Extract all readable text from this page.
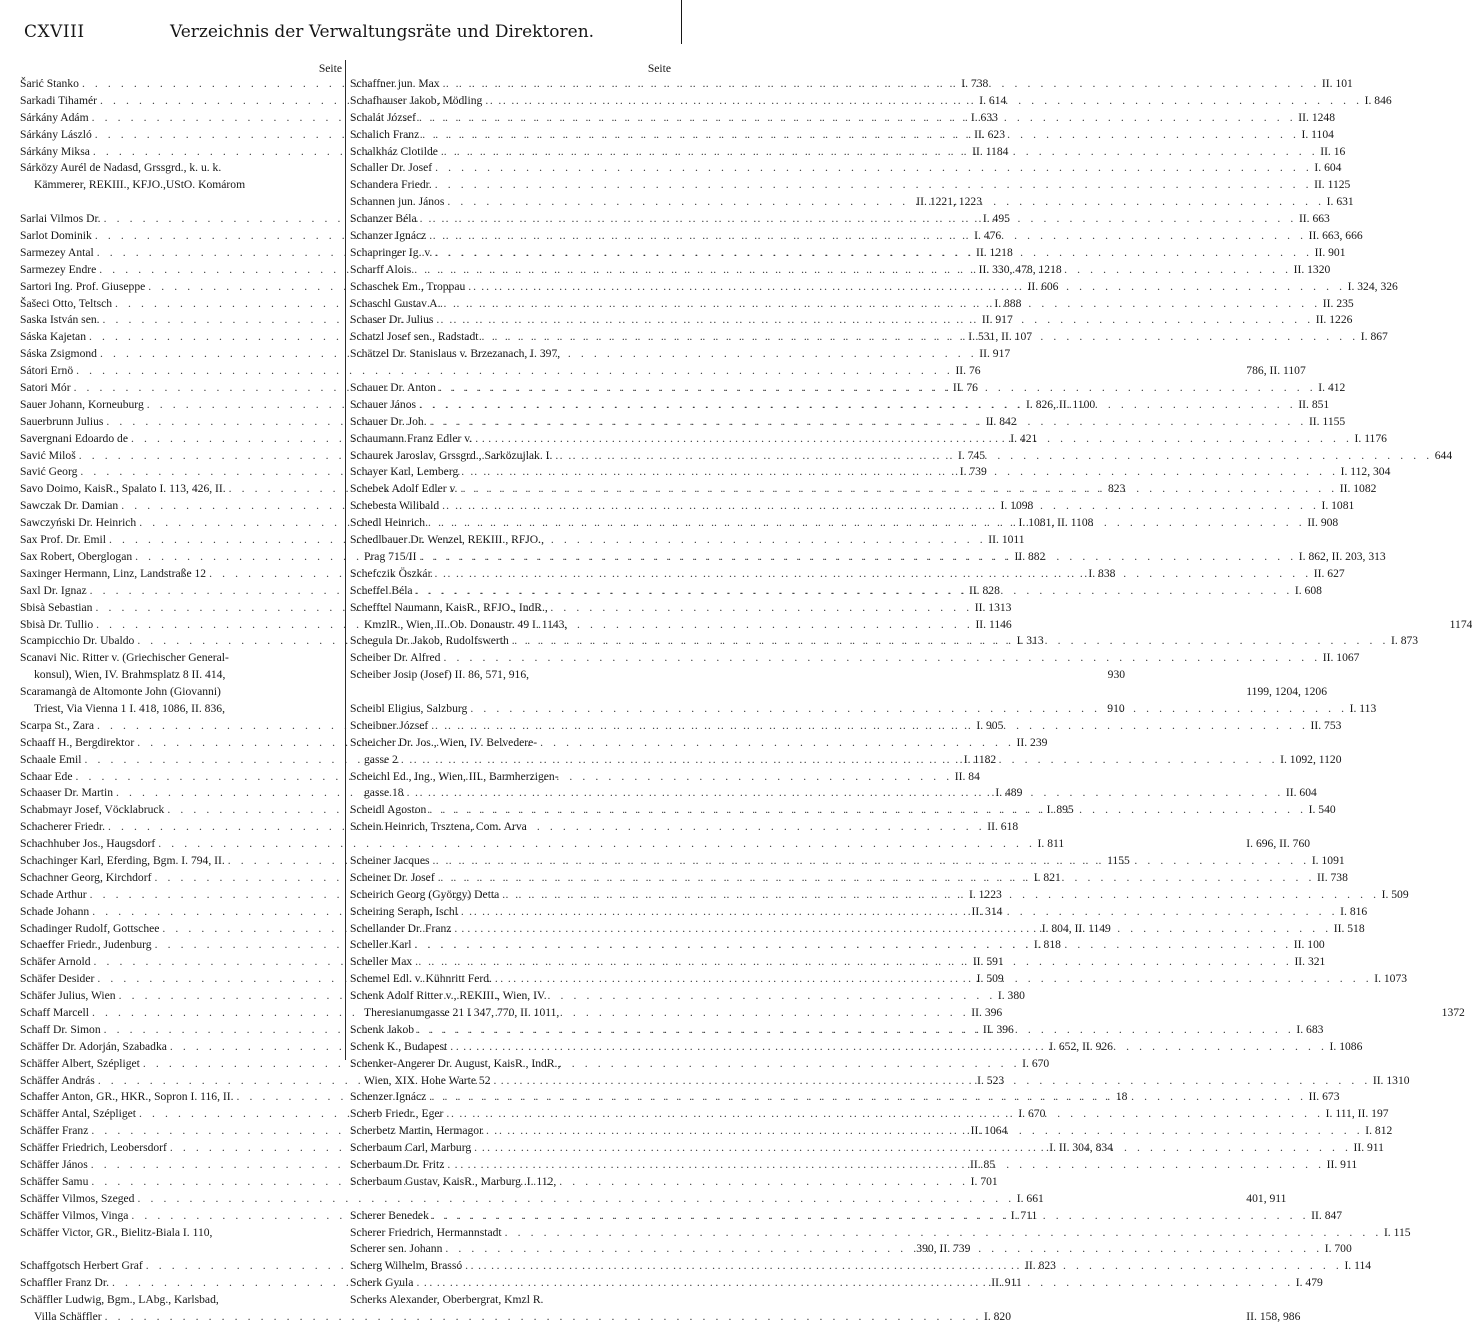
CXVIII	Verzeichnis der Verwaltungsräte und Direktoren.
Seite
Šarić Stanko . . .	I. 738
Sarkadi Tihamér . . .	I. 614
Sárkány Adám . . .	I. 633
Sárkány László . . .	II. 623
Sárkány Miksa . . .	II. 1184
Sárközy Aurél de Nadasd, Grssgrd., k. u. k.
Kämmerer, REKIII., KFJO.,UStO. Komárom
II. 1221, 1223
Sarlai Vilmos Dr. . . .	I. 495
Sarlot Dominik . . .	I. 476
Sarmezey Antal . . .	II. 1218
Sarmezey Endre . . .	II. 330, 478, 1218
Sartori Ing. Prof. Giuseppe . . .	II. 606
Šašeci Otto, Teltsch . . .	I. 888
Saska István sen. . . .	II. 917
Sáska Kajetan . . .	I. 531, II. 107
Sáska Zsigmond . . .	II. 917
Sátori Ernö . . .	II. 76
Satori Mór . . .	II. 76
Sauer Johann, Korneuburg . . .	I. 826, II. 1100
Sauerbrunn Julius . . .	II. 842
Savergnani Edoardo de . . .	I. 421
Savić Miloš . . .	I. 745
Savić Georg . . .	I. 739
Savo Doimo, KaisR., Spalato I. 113, 426, II. . . .	823
Sawczak Dr. Damian . . .	I. 1098
Sawczyński Dr. Heinrich . . .	I. 1081, II. 1108
Sax Prof. Dr. Emil . . .	II. 1011
Sax Robert, Oberglogan . . .	II. 882
Saxinger Hermann, Linz, Landstraße 12 . . .	I. 838
Saxl Dr. Ignaz . . .	II. 828
Sbisà Sebastian . . .	II. 1313
Sbisà Dr. Tullio . . .	II. 1146
Scampicchio Dr. Ubaldo . . .	I. 313
Scanavi Nic. Ritter v. (Griechischer General-
konsul), Wien, IV. Brahmsplatz 8 II. 414,	930
Scaramangà de Altomonte John (Giovanni)
Triest, Via Vienna 1 I. 418, 1086, II. 836,	910
Scarpa St., Zara . . .	I. 905
Schaaff H., Bergdirektor . . .	II. 239
Schaale Emil . . .	I. 1182
Schaar Ede . . .	II. 84
Schaaser Dr. Martin . . .	I. 489
Schabmayr Josef, Vöcklabruck . . .	I. 895
Schacherer Friedr. . . .	II. 618
Schachhuber Jos., Haugsdorf . . .	I. 811
Schachinger Karl, Eferding, Bgm. I. 794, II. . . .	1155
Schachner Georg, Kirchdorf . . .	I. 821
Schade Arthur . . .	I. 1223
Schade Johann . . .	II. 314
Schadinger Rudolf, Gottschee . . .	I. 804, II. 1149
Schaeffer Friedr., Judenburg . . .	I. 818
Schäfer Arnold . . .	II. 591
Schäfer Desider . . .	I. 509
Schäfer Julius, Wien . . .	I. 380
Schaff Marcell . . .	II. 396
Schaff Dr. Simon . . .	II. 396
Schäffer Dr. Adorján, Szabadka . . .	I. 652, II. 926
Schäffer Albert, Szépliget . . .	I. 670
Schäffer András . . .	I. 523
Schaffer Anton, GR., HKR., Sopron I. 116, II. . . .	18
Schäffer Antal, Szépliget . . .	I. 670
Schäffer Franz . . .	II. 1064
Schäffer Friedrich, Leobersdorf . . .	I. II. 304, 834
Schäffer János . . .	II. 85
Schäffer Samu . . .	I. 701
Schäffer Vilmos, Szeged . . .	I. 661
Schäffer Vilmos, Vinga . . .	I. 711
Schäffer Victor, GR., Bielitz-Biala I. 110,
390, II. 739
Schaffgotsch Herbert Graf . . .	II. 823
Schaffler Franz Dr. . . .	II. 911
Schäffler Ludwig, Bgm., LAbg., Karlsbad,
Villa Schäffler . . .	I. 820
Seite
Schaffner jun. Max . . .	II. 101
Schafhauser Jakob, Mödling . . .	I. 846
Schalát József . . .	II. 1248
Schalich Franz . . .	I. 1104
Schalkház Clotilde . . .	II. 16
Schaller Dr. Josef . . .	I. 604
Schandera Friedr. . . .	II. 1125
Schannen jun. János . . .	I. 631
Schanzer Béla . . .	II. 663
Schanzer Ignácz . . .	II. 663, 666
Schapringer Ig. v. . . .	II. 901
Scharff Alois . . .	II. 1320
Schaschek Em., Troppau . . .	I. 324, 326
Schaschl Gustav A. . . .	II. 235
Schaser Dr. Julius . . .	II. 1226
Schatzl Josef sen., Radstadt . . .	I. 867
Schätzel Dr. Stanislaus v. Brzezanach, I. 397,
786, II. 1107
Schauer Dr. Anton . . .	I. 412
Schauer János . . .	II. 851
Schauer Dr. Joh. . . .	II. 1155
Schaumann Franz Edler v. . . .	I. 1176
Schaurek Jaroslav, Grssgrd., Sarközujlak. I. . . .	644
Schayer Karl, Lemberg . . .	I. 112, 304
Schebek Adolf Edler v. . . .	II. 1082
Schebesta Wilibald . . .	I. 1081
Schedl Heinrich . . .	II. 908
Schedlbauer Dr. Wenzel, REKIII., RFJO.,
Prag 715/II . . .	I. 862, II. 203, 313
Schefczik Öszkár . . .	II. 627
Scheffel Béla . . .	I. 608
Schefftel Naumann, KaisR., RFJO., IndR.,
KmzlR., Wien, II. Ob. Donaustr. 49 I. 1143,	1174
Schegula Dr. Jakob, Rudolfswerth . . .	I. 873
Scheiber Dr. Alfred . . .	II. 1067
Scheiber Josip (Josef) II. 86, 571, 916,
1199, 1204, 1206
Scheibl Eligius, Salzburg . . .	I. 113
Scheibner József . . .	II. 753
Scheicher Dr. Jos., Wien, IV. Belvedere-
gasse 2 . . .	I. 1092, 1120
Scheichl Ed., Ing., Wien, III., Barmherzigen-
gasse 18 . . .	II. 604
Scheidl Agoston . . .	I. 540
Schein Heinrich, Trsztena, Com. Arva
I. 696, II. 760
Scheiner Jacques . . .	I. 1091
Scheiner Dr. Josef . . .	II. 738
Scheirich Georg (György) Detta . . .	I. 509
Scheiring Seraph, Ischl . . .	I. 816
Schellander Dr. Franz . . .	II. 518
Scheller Karl . . .	II. 100
Scheller Max . . .	II. 321
Schemel Edl. v. Kühnritt Ferd. . . .	I. 1073
Schenk Adolf Ritter v., REKIII., Wien, IV.
Theresianumgasse 21 I 347, 770, II. 1011,	1372
Schenk Jakob . . .	I. 683
Schenk K., Budapest . . .	I. 1086
Schenker-Angerer Dr. August, KaisR., IndR.,
Wien, XIX. Hohe Warte 52 . . .	II. 1310
Schenzer Ignácz . . .	II. 673
Scherb Friedr., Eger . . .	I. 111, II. 197
Scherbetz Martin, Hermagor . . .	I. 812
Scherbaum Carl, Marburg . . .	II. 911
Scherbaum Dr. Fritz . . .	II. 911
Scherbaum Gustav, KaisR., Marburg .I. 112,
401, 911
Scherer Benedek . . .	II. 847
Scherer Friedrich, Hermannstadt . . .	I. 115
Scherer sen. Johann . . .	I. 700
Scherg Wilhelm, Brassó . . .	I. 114
Scherk Gyula . . .	I. 479
Scherks Alexander, Oberbergrat, Kmzl R.
II. 158, 986
